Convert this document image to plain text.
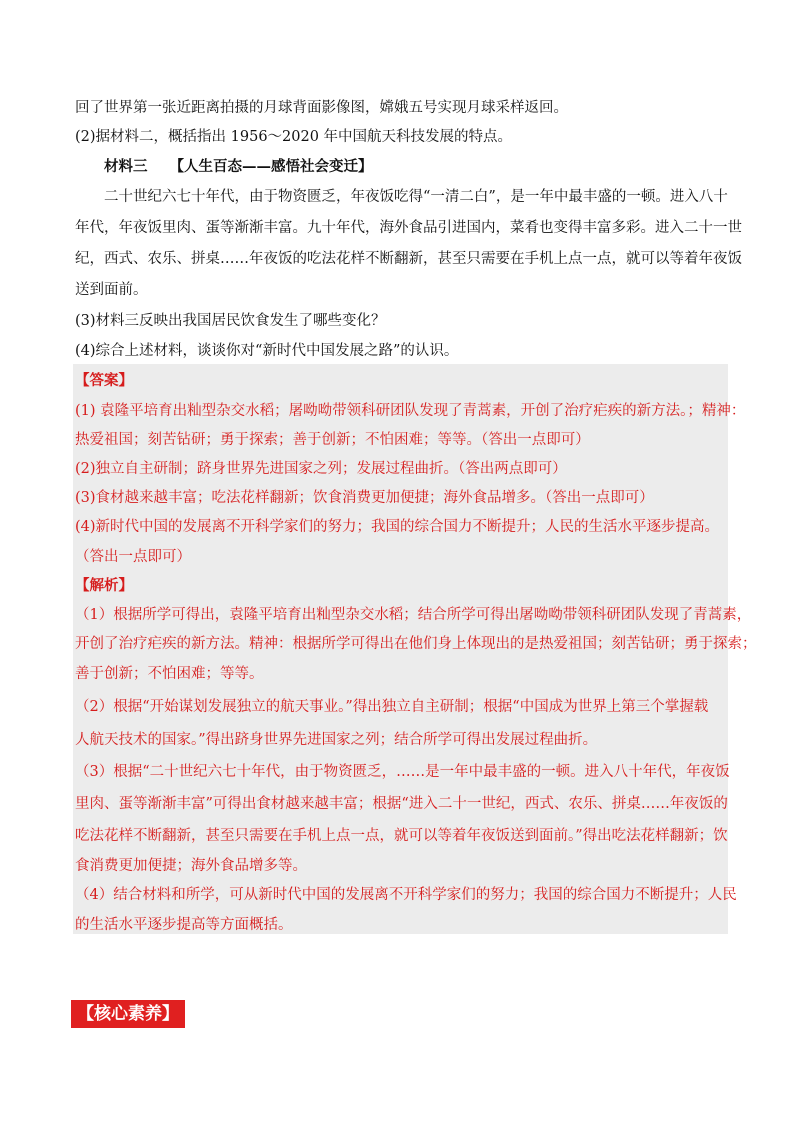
回了世界第一张近距离拍摄的月球背面影像图，嫦娥五号实现月球采样返回。
(2)据材料二，概括指出 1956～2020 年中国航天科技发展的特点。
材料三 【人生百态——感悟社会变迁】
二十世纪六七十年代，由于物资匮乏，年夜饭吃得“一清二白”，是一年中最丰盛的一顿。进入八十
年代，年夜饭里肉、蛋等渐渐丰富。九十年代，海外食品引进国内，菜肴也变得丰富多彩。进入二十一世
纪，西式、农乐、拼桌……年夜饭的吃法花样不断翻新，甚至只需要在手机上点一点，就可以等着年夜饭
送到面前。
(3)材料三反映出我国居民饮食发生了哪些变化？
(4)综合上述材料，谈谈你对“新时代中国发展之路”的认识。
【答案】
(1) 袁隆平培育出籼型杂交水稻；屠呦呦带领科研团队发现了青蒿素，开创了治疗疟疾的新方法。；精神：
热爱祖国；刻苦钻研；勇于探索；善于创新；不怕困难；等等。（答出一点即可）
(2)独立自主研制；跻身世界先进国家之列；发展过程曲折。（答出两点即可）
(3)食材越来越丰富；吃法花样翻新；饮食消费更加便捷；海外食品增多。（答出一点即可）
(4)新时代中国的发展离不开科学家们的努力；我国的综合国力不断提升；人民的生活水平逐步提高。
（答出一点即可）
【解析】
（1）根据所学可得出，袁隆平培育出籼型杂交水稻；结合所学可得出屠呦呦带领科研团队发现了青蒿素，
开创了治疗疟疾的新方法。精神：根据所学可得出在他们身上体现出的是热爱祖国；刻苦钻研；勇于探索；
善于创新；不怕困难；等等。
（2）根据“开始谋划发展独立的航天事业。”得出独立自主研制；根据“中国成为世界上第三个掌握载
人航天技术的国家。”得出跻身世界先进国家之列；结合所学可得出发展过程曲折。
（3）根据“二十世纪六七十年代，由于物资匮乏，……是一年中最丰盛的一顿。进入八十年代，年夜饭
里肉、蛋等渐渐丰富”可得出食材越来越丰富；根据“进入二十一世纪，西式、农乐、拼桌……年夜饭的
吃法花样不断翻新，甚至只需要在手机上点一点，就可以等着年夜饭送到面前。”得出吃法花样翻新；饮
食消费更加便捷；海外食品增多等。
（4）结合材料和所学，可从新时代中国的发展离不开科学家们的努力；我国的综合国力不断提升；人民
的生活水平逐步提高等方面概括。
【核心素养】
